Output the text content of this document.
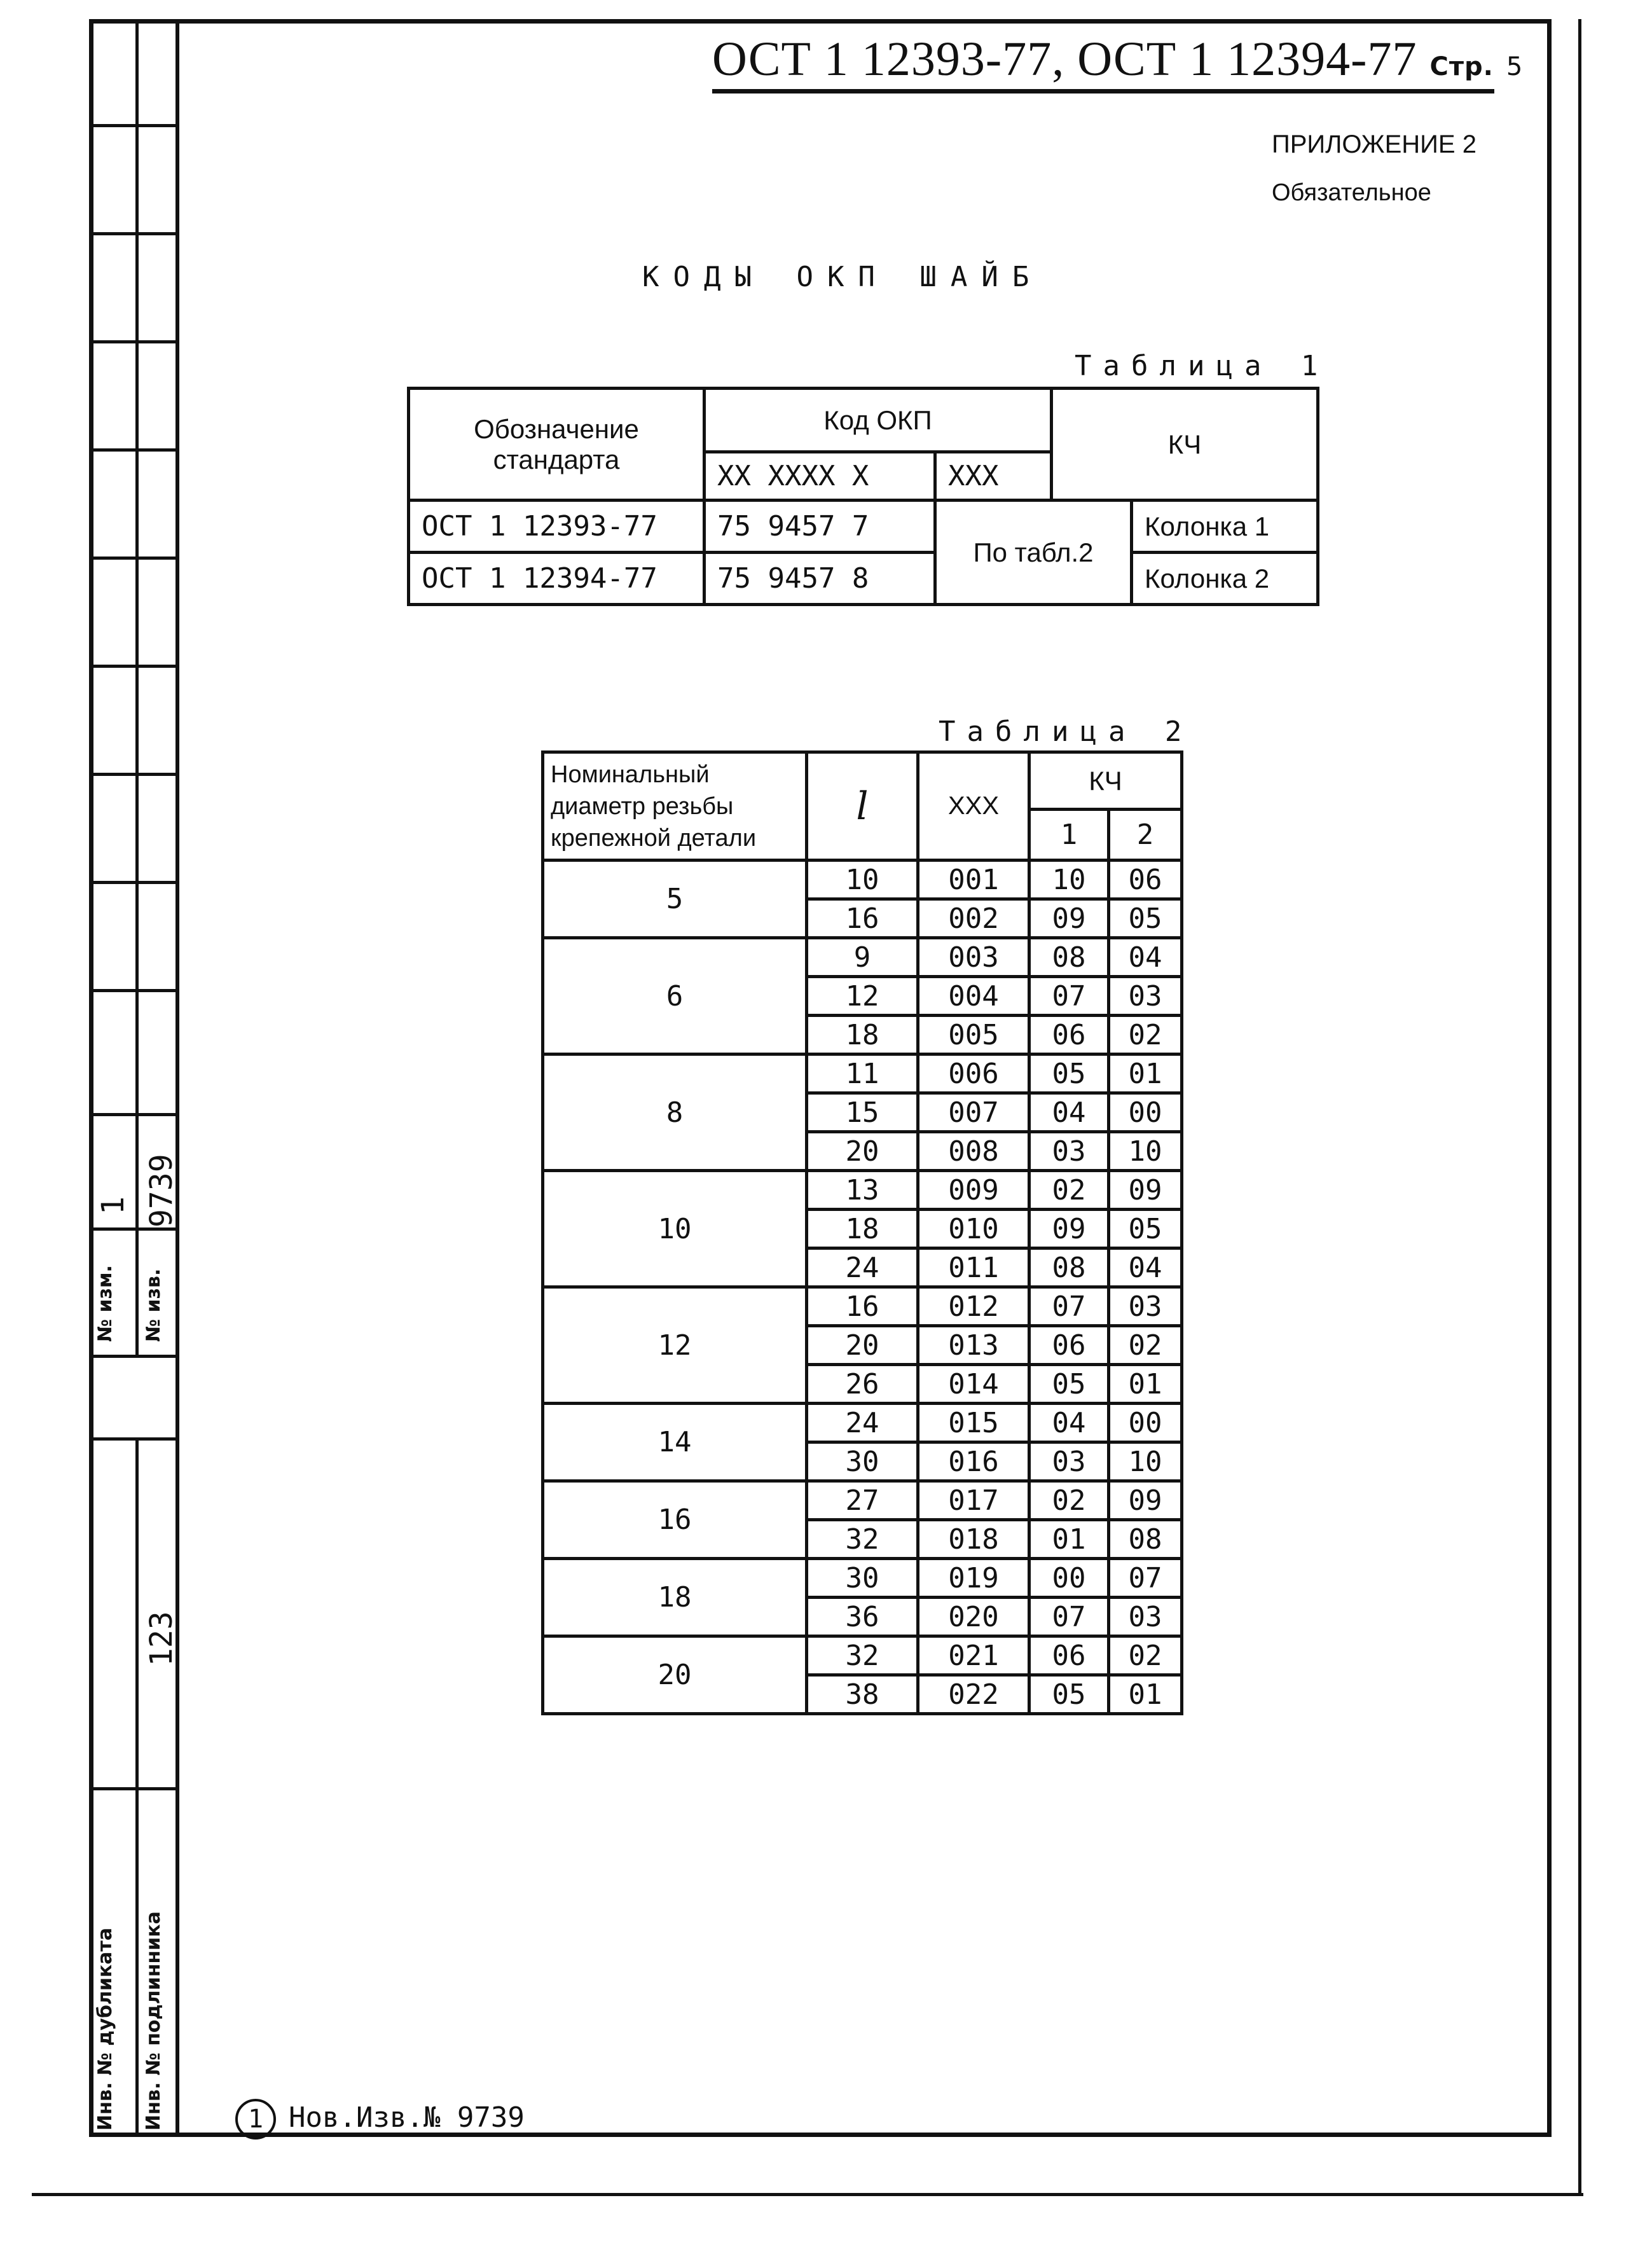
№ изм.
1
№ изв.
9739
123
Инв. № дубликата Инв. № подлинника
ОСТ 1 12393-77, ОСТ 1 12394-77 Стр. 5
ПРИЛОЖЕНИЕ 2
Обязательное
КОДЫ ОКП ШАЙБ
Таблица 1
Обозначение стандарта	Код ОКП		КЧ	
	XX XXXX X	XXX		
ОСТ 1 12393-77	75 9457 7	По табл.2		Колонка 1
ОСТ 1 12394-77	75 9457 8			Колонка 2
Таблица 2
Номинальный диаметр резьбы крепежной детали	l	XXX	КЧ	
			1	2
5	10	001	10	06
	16	002	09	05
6	9	003	08	04
	12	004	07	03
	18	005	06	02
8	11	006	05	01
	15	007	04	00
	20	008	03	10
10	13	009	02	09
	18	010	09	05
	24	011	08	04
12	16	012	07	03
	20	013	06	02
	26	014	05	01
14	24	015	04	00
	30	016	03	10
16	27	017	02	09
	32	018	01	08
18	30	019	00	07
	36	020	07	03
20	32	021	06	02
	38	022	05	01
1 Нов.Изв.№ 9739
